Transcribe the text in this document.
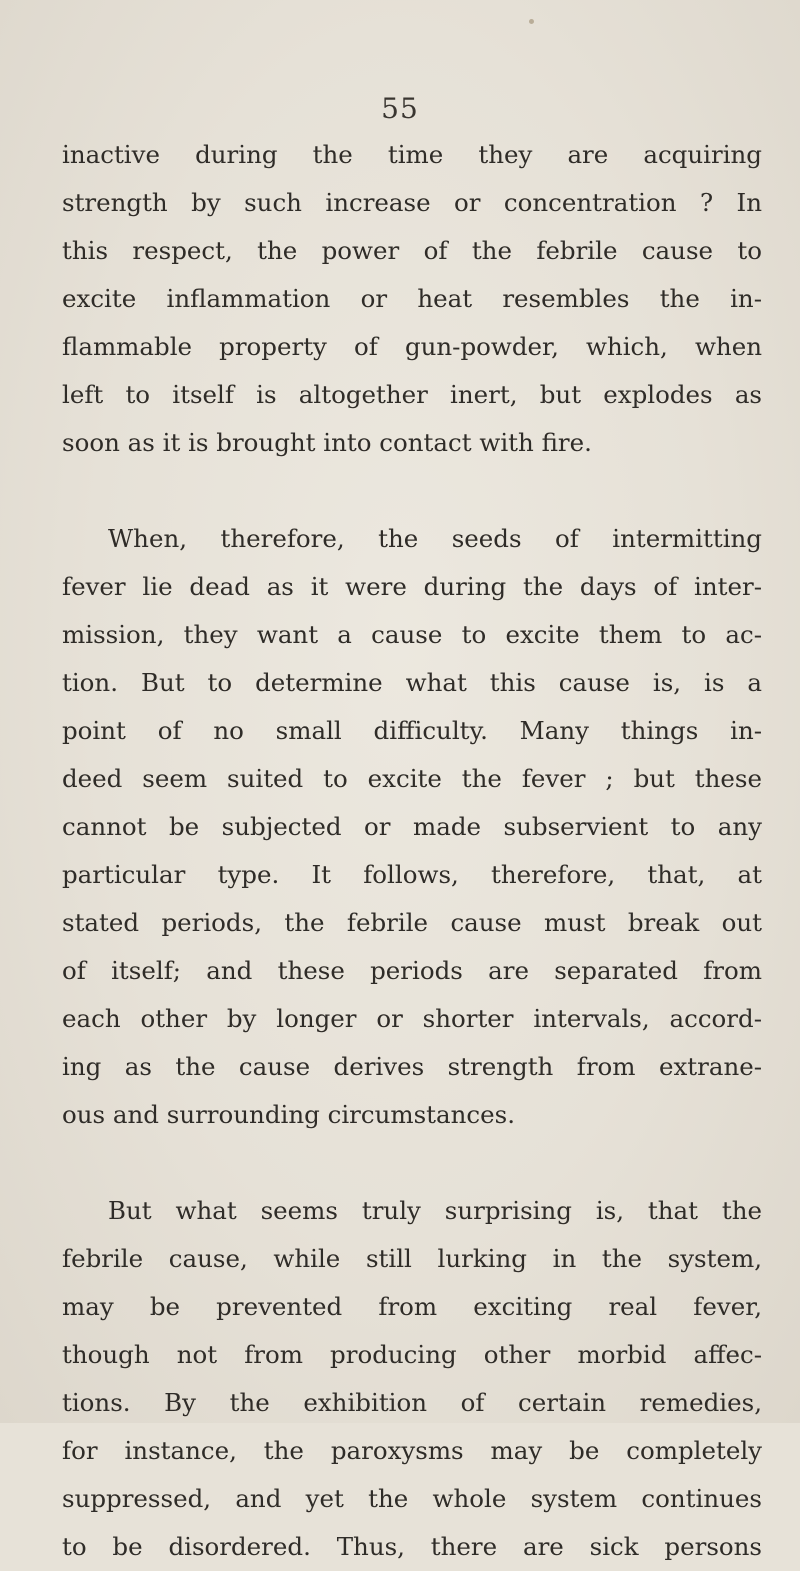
55

inactive during the time they are acquiring
strength by such increase or concentration ? In
this respect, the power of the febrile cause to
excite inflammation or heat resembles the in-
flammable property of gun-powder, which, when
left to itself is altogether inert, but explodes as
soon as it is brought into contact with fire.

When, therefore, the seeds of intermitting
fever lie dead as it were during the days of inter-
mission, they want a cause to excite them to ac-
tion. But to determine what this cause is, is a
point of no small difficulty. Many things in-
deed seem suited to excite the fever ; but these
cannot be subjected or made subservient to any
particular type. It follows, therefore, that, at
stated periods, the febrile cause must break out
of itself; and these periods are separated from
each other by longer or shorter intervals, accord-
ing as the cause derives strength from extrane-
ous and surrounding circumstances.

But what seems truly surprising is, that the
febrile cause, while still lurking in the system,
may be prevented from exciting real fever,
though not from producing other morbid affec-
tions. By the exhibition of certain remedies,
for instance, the paroxysms may be completely
suppressed, and yet the whole system continues
to be disordered. Thus, there are sick persons
